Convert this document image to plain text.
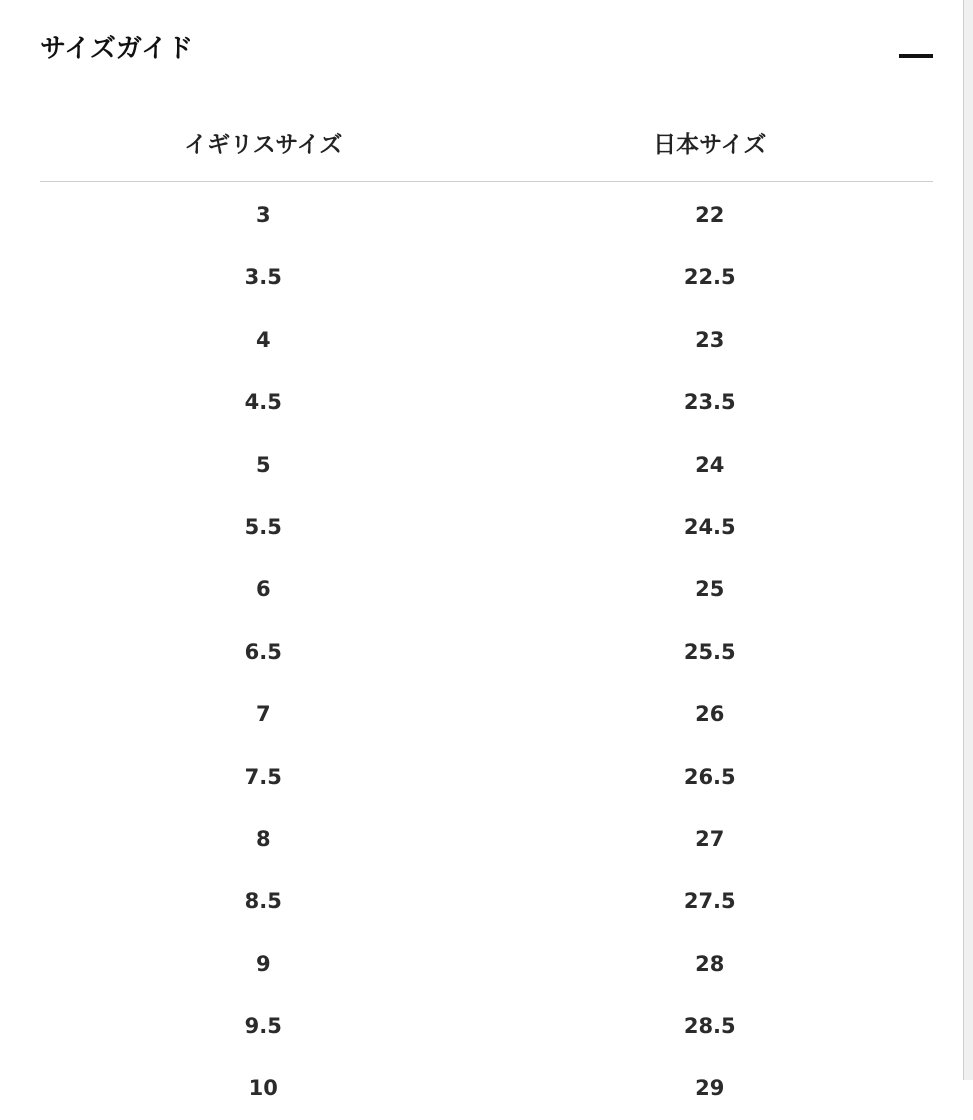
サイズガイド
イギリスサイズ	日本サイズ
3	22
3.5	22.5
4	23
4.5	23.5
5	24
5.5	24.5
6	25
6.5	25.5
7	26
7.5	26.5
8	27
8.5	27.5
9	28
9.5	28.5
10	29
